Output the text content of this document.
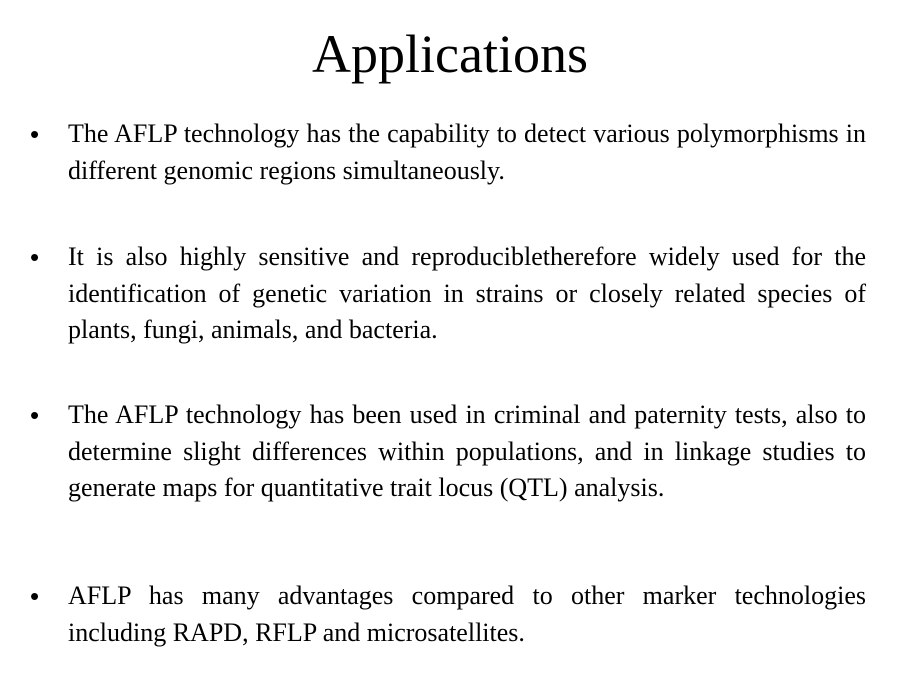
Applications
•	The AFLP technology has the capability to detect various polymorphisms in different genomic regions simultaneously.
•	It is also highly sensitive and reproducibletherefore widely used for the identification of genetic variation in strains or closely related species of plants, fungi, animals, and bacteria.
•	The AFLP technology has been used in criminal and paternity tests, also to determine slight differences within populations, and in linkage studies to generate maps for quantitative trait locus (QTL) analysis.
•	AFLP has many advantages compared to other marker technologies including RAPD, RFLP and microsatellites.
